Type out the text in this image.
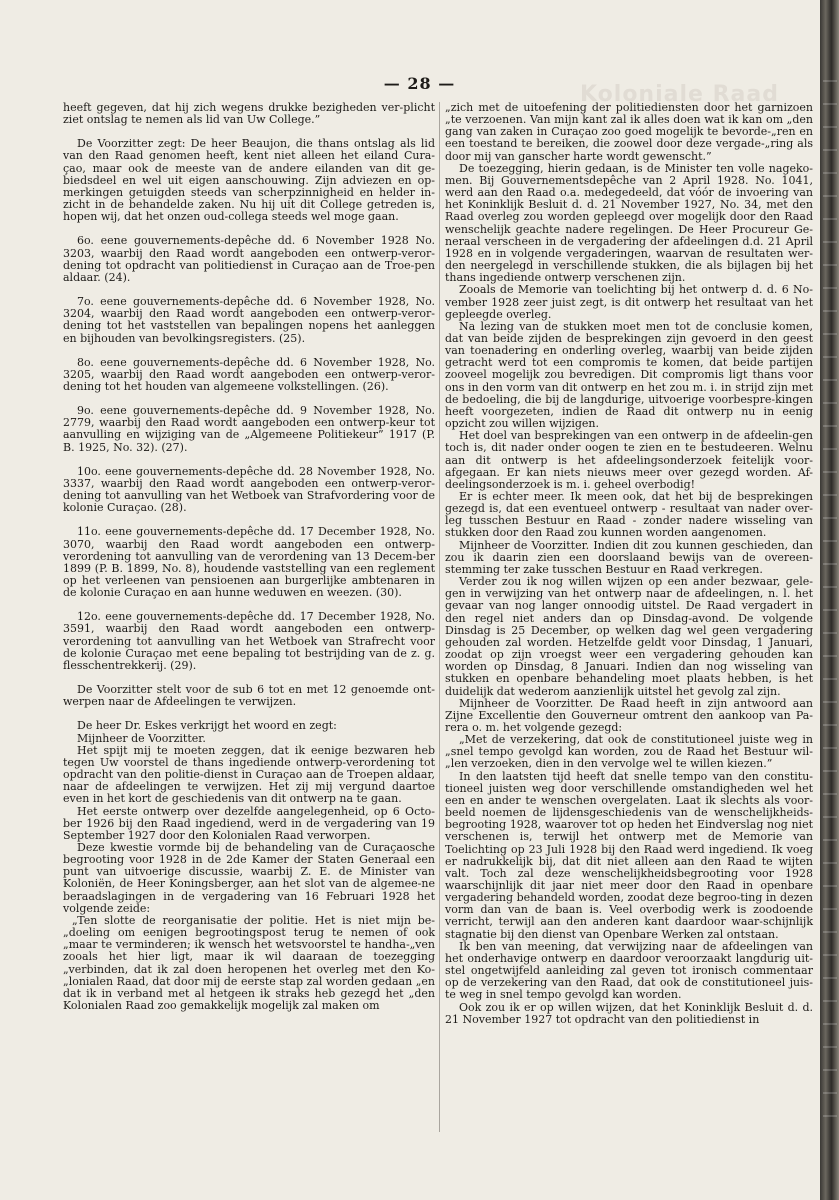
Koloniale Raad
— 28 —

heeft gegeven, dat hij zich wegens drukke bezigheden ver-plicht ziet ontslag te nemen als lid van Uw College.”

De Voorzitter zegt: De heer Beaujon, die thans ontslag als lid van den Raad genomen heeft, kent niet alleen het eiland Cura-çao, maar ook de meeste van de andere eilanden van dit ge-biedsdeel en wel uit eigen aanschouwing. Zijn adviezen en op-merkingen getuigden steeds van scherpzinnigheid en helder in-zicht in de behandelde zaken. Nu hij uit dit College getreden is, hopen wij, dat het onzen oud-collega steeds wel moge gaan.

6o. eene gouvernements-depêche dd. 6 November 1928 No. 3203, waarbij den Raad wordt aangeboden een ontwerp-veror-dening tot opdracht van politiedienst in Curaçao aan de Troe-pen aldaar. (24).

7o. eene gouvernements-depêche dd. 6 November 1928, No. 3204, waarbij den Raad wordt aangeboden een ontwerp-veror-dening tot het vaststellen van bepalingen nopens het aanleggen en bijhouden van bevolkingsregisters. (25).

8o. eene gouvernements-depêche dd. 6 November 1928, No. 3205, waarbij den Raad wordt aangeboden een ontwerp-veror-dening tot het houden van algemeene volkstellingen. (26).

9o. eene gouvernements-depêche dd. 9 November 1928, No. 2779, waarbij den Raad wordt aangeboden een ontwerp-keur tot aanvulling en wijziging van de „Algemeene Politiekeur” 1917 (P. B. 1925, No. 32). (27).

10o. eene gouvernements-depêche dd. 28 November 1928, No. 3337, waarbij den Raad wordt aangeboden een ontwerp-veror-dening tot aanvulling van het Wetboek van Strafvordering voor de kolonie Curaçao. (28).

11o. eene gouvernements-depêche dd. 17 December 1928, No. 3070, waarbij den Raad wordt aangeboden een ontwerp-verordening tot aanvulling van de verordening van 13 Decem-ber 1899 (P. B. 1899, No. 8), houdende vaststelling van een reglement op het verleenen van pensioenen aan burgerlijke ambtenaren in de kolonie Curaçao en aan hunne weduwen en weezen. (30).

12o. eene gouvernements-depêche dd. 17 December 1928, No. 3591, waarbij den Raad wordt aangeboden een ontwerp-verordening tot aanvulling van het Wetboek van Strafrecht voor de kolonie Curaçao met eene bepaling tot bestrijding van de z. g. flesschentrekkerij. (29).

De Voorzitter stelt voor de sub 6 tot en met 12 genoemde ont-werpen naar de Afdeelingen te verwijzen.

De heer Dr. Eskes verkrijgt het woord en zegt:

Mijnheer de Voorzitter.

Het spijt mij te moeten zeggen, dat ik eenige bezwaren heb tegen Uw voorstel de thans ingediende ontwerp-verordening tot opdracht van den politie-dienst in Curaçao aan de Troepen aldaar, naar de afdeelingen te verwijzen. Het zij mij vergund daartoe even in het kort de geschiedenis van dit ontwerp na te gaan.

Het eerste ontwerp over dezelfde aangelegenheid, op 6 Octo-ber 1926 bij den Raad ingediend, werd in de vergadering van 19 September 1927 door den Kolonialen Raad verworpen.

Deze kwestie vormde bij de behandeling van de Curaçaosche begrooting voor 1928 in de 2de Kamer der Staten Generaal een punt van uitvoerige discussie, waarbij Z. E. de Minister van Koloniën, de Heer Koningsberger, aan het slot van de algemee-ne beraadslagingen in de vergadering van 16 Februari 1928 het volgende zeide:

„Ten slotte de reorganisatie der politie. Het is niet mijn be-„doeling om eenigen begrootingspost terug te nemen of ook „maar te verminderen; ik wensch het wetsvoorstel te handha-„ven zooals het hier ligt, maar ik wil daaraan de toezegging „verbinden, dat ik zal doen heropenen het overleg met den Ko-„lonialen Raad, dat door mij de eerste stap zal worden gedaan „en dat ik in verband met al hetgeen ik straks heb gezegd het „den Kolonialen Raad zoo gemakkelijk mogelijk zal maken om

„zich met de uitoefening der politiediensten door het garnizoen „te verzoenen. Van mijn kant zal ik alles doen wat ik kan om „den gang van zaken in Curaçao zoo goed mogelijk te bevorde-„ren en een toestand te bereiken, die zoowel door deze vergade-„ring als door mij van ganscher harte wordt gewenscht.”

De toezegging, hierin gedaan, is de Minister ten volle nageko-men. Bij Gouvernementsdepêche van 2 April 1928. No. 1041, werd aan den Raad o.a. medegedeeld, dat vóór de invoering van het Koninklijk Besluit d. d. 21 November 1927, No. 34, met den Raad overleg zou worden gepleegd over mogelijk door den Raad wenschelijk geachte nadere regelingen. De Heer Procureur Ge-neraal verscheen in de vergadering der afdeelingen d.d. 21 April 1928 en in volgende vergaderingen, waarvan de resultaten wer-den neergelegd in verschillende stukken, die als bijlagen bij het thans ingediende ontwerp verschenen zijn.

Zooals de Memorie van toelichting bij het ontwerp d. d. 6 No-vember 1928 zeer juist zegt, is dit ontwerp het resultaat van het gepleegde overleg.

Na lezing van de stukken moet men tot de conclusie komen, dat van beide zijden de besprekingen zijn gevoerd in den geest van toenadering en onderling overleg, waarbij van beide zijden getracht werd tot een compromis te komen, dat beide partijen zooveel mogelijk zou bevredigen. Dit compromis ligt thans voor ons in den vorm van dit ontwerp en het zou m. i. in strijd zijn met de bedoeling, die bij de langdurige, uitvoerige voorbespre-kingen heeft voorgezeten, indien de Raad dit ontwerp nu in eenig opzicht zou willen wijzigen.

Het doel van besprekingen van een ontwerp in de afdeelin-gen toch is, dit nader onder oogen te zien en te bestudeeren. Welnu aan dit ontwerp is het afdeelingsonderzoek feitelijk voor-afgegaan. Er kan niets nieuws meer over gezegd worden. Af-deelingsonderzoek is m. i. geheel overbodig!

Er is echter meer. Ik meen ook, dat het bij de besprekingen gezegd is, dat een eventueel ontwerp - resultaat van nader over-leg tusschen Bestuur en Raad - zonder nadere wisseling van stukken door den Raad zou kunnen worden aangenomen.

Mijnheer de Voorzitter. Indien dit zou kunnen geschieden, dan zou ik daarin zien een doorslaand bewijs van de overeen-stemming ter zake tusschen Bestuur en Raad verkregen.

Verder zou ik nog willen wijzen op een ander bezwaar, gele-gen in verwijzing van het ontwerp naar de afdeelingen, n. l. het gevaar van nog langer onnoodig uitstel. De Raad vergadert in den regel niet anders dan op Dinsdag-avond. De volgende Dinsdag is 25 December, op welken dag wel geen vergadering gehouden zal worden. Hetzelfde geldt voor Dinsdag, 1 Januari, zoodat op zijn vroegst weer een vergadering gehouden kan worden op Dinsdag, 8 Januari. Indien dan nog wisseling van stukken en openbare behandeling moet plaats hebben, is het duidelijk dat wederom aanzienlijk uitstel het gevolg zal zijn.

Mijnheer de Voorzitter. De Raad heeft in zijn antwoord aan Zijne Excellentie den Gouverneur omtrent den aankoop van Pa-rera o. m. het volgende gezegd:

„Met de verzekering, dat ook de constitutioneel juiste weg in „snel tempo gevolgd kan worden, zou de Raad het Bestuur wil-„len verzoeken, dien in den vervolge wel te willen kiezen.”

In den laatsten tijd heeft dat snelle tempo van den constitu-tioneel juisten weg door verschillende omstandigheden wel het een en ander te wenschen overgelaten. Laat ik slechts als voor-beeld noemen de lijdensgeschiedenis van de wenschelijkheids-begrooting 1928, waarover tot op heden het Eindverslag nog niet verschenen is, terwijl het ontwerp met de Memorie van Toelichting op 23 Juli 1928 bij den Raad werd ingediend. Ik voeg er nadrukkelijk bij, dat dit niet alleen aan den Raad te wijten valt. Toch zal deze wenschelijkheidsbegrooting voor 1928 waarschijnlijk dit jaar niet meer door den Raad in openbare vergadering behandeld worden, zoodat deze begroo-ting in dezen vorm dan van de baan is. Veel overbodig werk is zoodoende verricht, terwijl aan den anderen kant daardoor waar-schijnlijk stagnatie bij den dienst van Openbare Werken zal ontstaan.

Ik ben van meening, dat verwijzing naar de afdeelingen van het onderhavige ontwerp en daardoor veroorzaakt langdurig uit-stel ongetwijfeld aanleiding zal geven tot ironisch commentaar op de verzekering van den Raad, dat ook de constitutioneel juis-te weg in snel tempo gevolgd kan worden.

Ook zou ik er op willen wijzen, dat het Koninklijk Besluit d. d. 21 November 1927 tot opdracht van den politiedienst in
